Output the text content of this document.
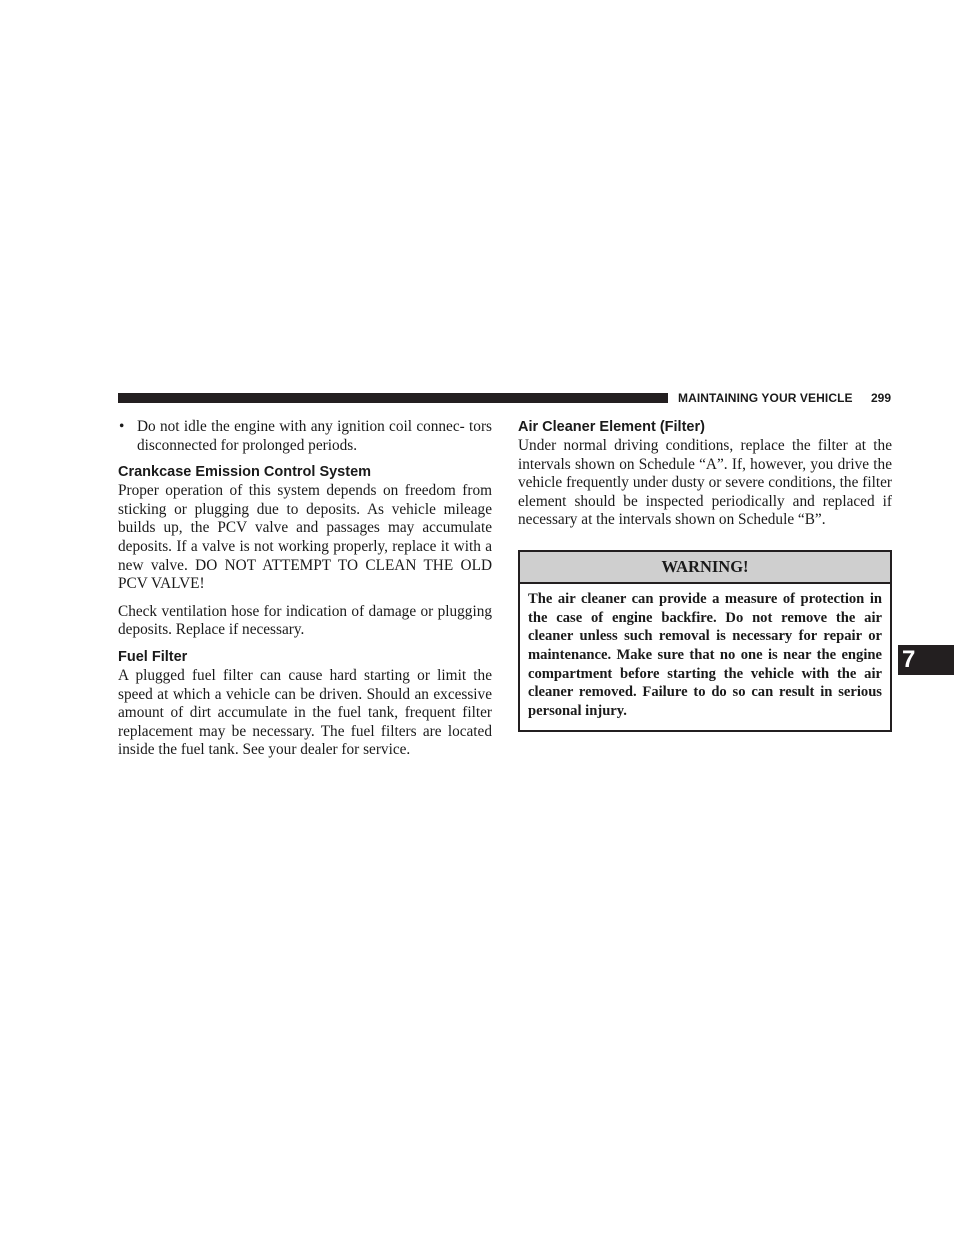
MAINTAINING YOUR VEHICLE 299
• Do not idle the engine with any ignition coil connec- tors disconnected for prolonged periods.

Crankcase Emission Control System

Proper operation of this system depends on freedom from sticking or plugging due to deposits. As vehicle mileage builds up, the PCV valve and passages may accumulate deposits. If a valve is not working properly, replace it with a new valve. DO NOT ATTEMPT TO CLEAN THE OLD PCV VALVE!

Check ventilation hose for indication of damage or plugging deposits. Replace if necessary.

Fuel Filter

A plugged fuel filter can cause hard starting or limit the speed at which a vehicle can be driven. Should an excessive amount of dirt accumulate in the fuel tank, frequent filter replacement may be necessary. The fuel filters are located inside the fuel tank. See your dealer for service.

Air Cleaner Element (Filter)

Under normal driving conditions, replace the filter at the intervals shown on Schedule “A”. If, however, you drive the vehicle frequently under dusty or severe conditions, the filter element should be inspected periodically and replaced if necessary at the intervals shown on Schedule “B”.

WARNING!
The air cleaner can provide a measure of protection in the case of engine backfire. Do not remove the air cleaner unless such removal is necessary for repair or maintenance. Make sure that no one is near the engine compartment before starting the vehicle with the air cleaner removed. Failure to do so can result in serious personal injury.
7
